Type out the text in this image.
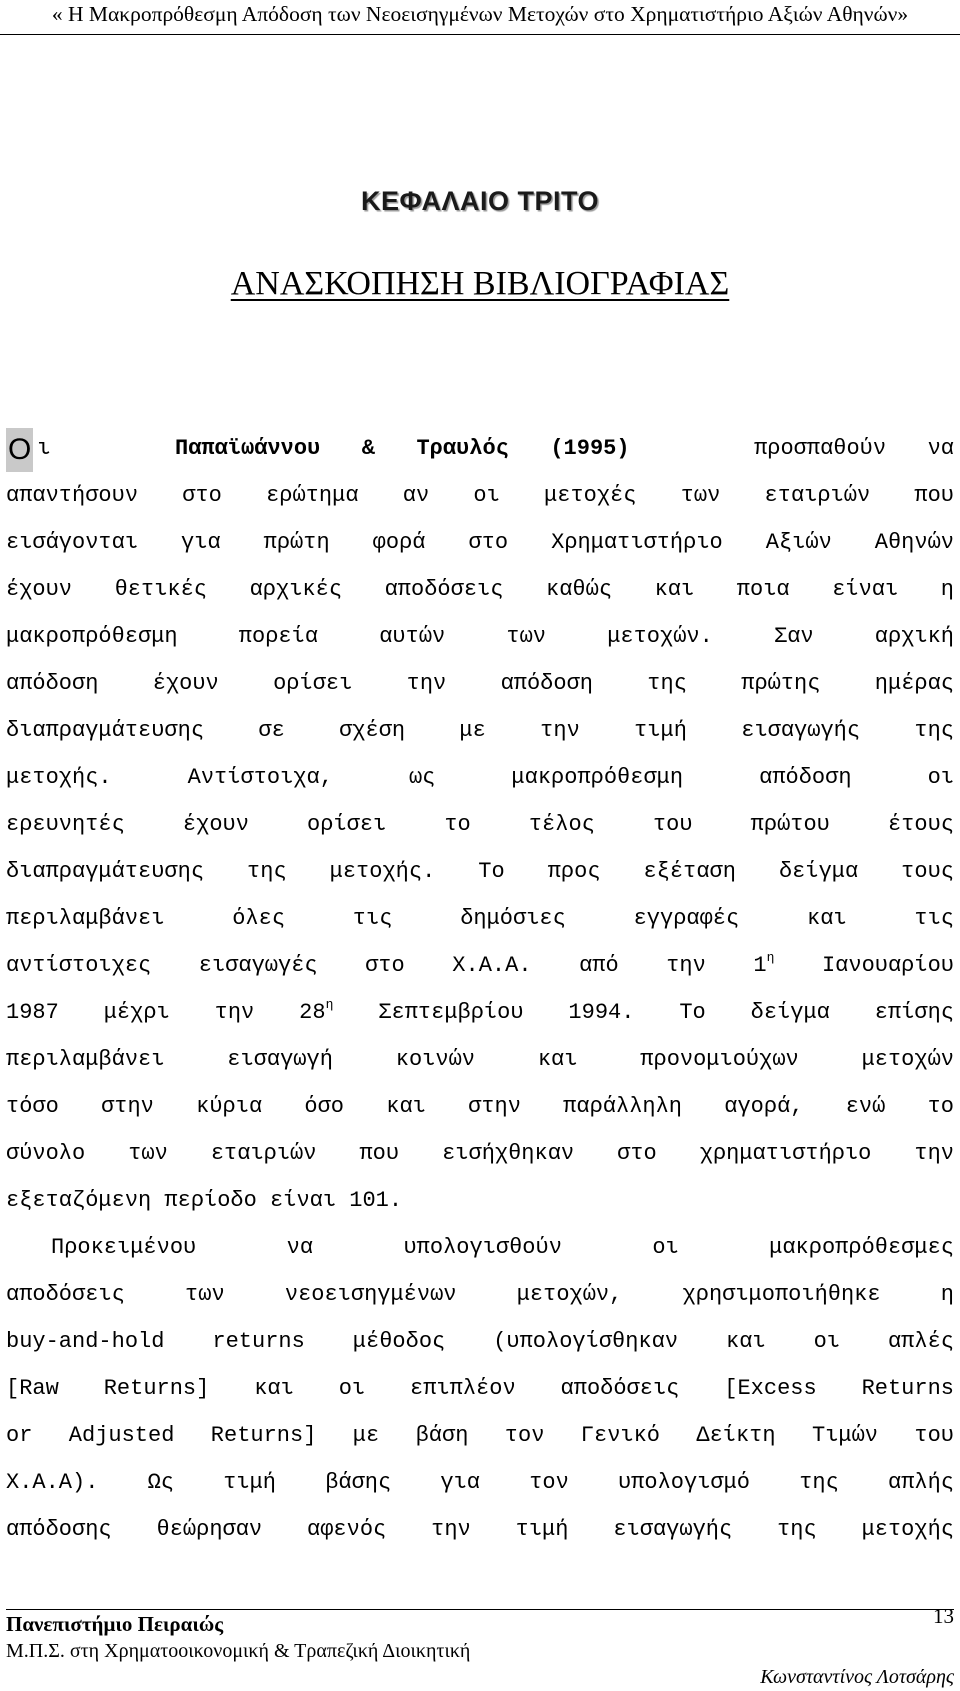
« Η Μακροπρόθεσμη Απόδοση των Νεοεισηγμένων Μετοχών στο Χρηματιστήριο Αξιών Αθηνών»
ΚΕΦΑΛΑΙΟ ΤΡΙΤΟ
ΑΝΑΣΚΟΠΗΣΗ ΒΙΒΛΙΟΓΡΑΦΙΑΣ
Ο ι	Παπαϊωάννου & Τραυλός (1995)	προσπαθούν να
απαντήσουν στο ερώτημα αν οι μετοχές των εταιριών που
εισάγονται για πρώτη φορά στο Χρηματιστήριο Αξιών Αθηνών
έχουν θετικές αρχικές αποδόσεις καθώς και ποια είναι η
μακροπρόθεσμη πορεία αυτών των μετοχών. Σαν αρχική
απόδοση έχουν ορίσει την απόδοση της πρώτης ημέρας
διαπραγμάτευσης σε σχέση με την τιμή εισαγωγής της
μετοχής. Αντίστοιχα, ως μακροπρόθεσμη απόδοση οι
ερευνητές έχουν ορίσει το τέλος του πρώτου έτους
διαπραγμάτευσης της μετοχής. Το προς εξέταση δείγμα τους
περιλαμβάνει όλες τις δημόσιες εγγραφές και τις
αντίστοιχες εισαγωγές στο Χ.Α.Α. από την $1^\eta$ Ιανουαρίου
1987 μέχρι την $28^\eta$ Σεπτεμβρίου 1994. Το δείγμα επίσης
περιλαμβάνει εισαγωγή κοινών και προνομιούχων μετοχών
τόσο στην κύρια όσο και στην παράλληλη αγορά, ενώ το
σύνολο των εταιριών που εισήχθηκαν στο χρηματιστήριο την
εξεταζόμενη περίοδο είναι 101.
Προκειμένου να υπολογισθούν οι μακροπρόθεσμες
αποδόσεις των νεοεισηγμένων μετοχών, χρησιμοποιήθηκε η
buy-and-hold returns μέθοδος (υπολογίσθηκαν και οι απλές
[Raw Returns] και οι επιπλέον αποδόσεις [Excess Returns
or Adjusted Returns] με βάση τον Γενικό Δείκτη Τιμών του
Χ.Α.Α). Ως τιμή βάσης για τον υπολογισμό της απλής
απόδοσης θεώρησαν αφενός την τιμή εισαγωγής της μετοχής
Πανεπιστήμιο Πειραιώς	13
Μ.Π.Σ. στη Χρηματοοικονομική & Τραπεζική Διοικητική
Κωνσταντίνος Λοτσάρης
